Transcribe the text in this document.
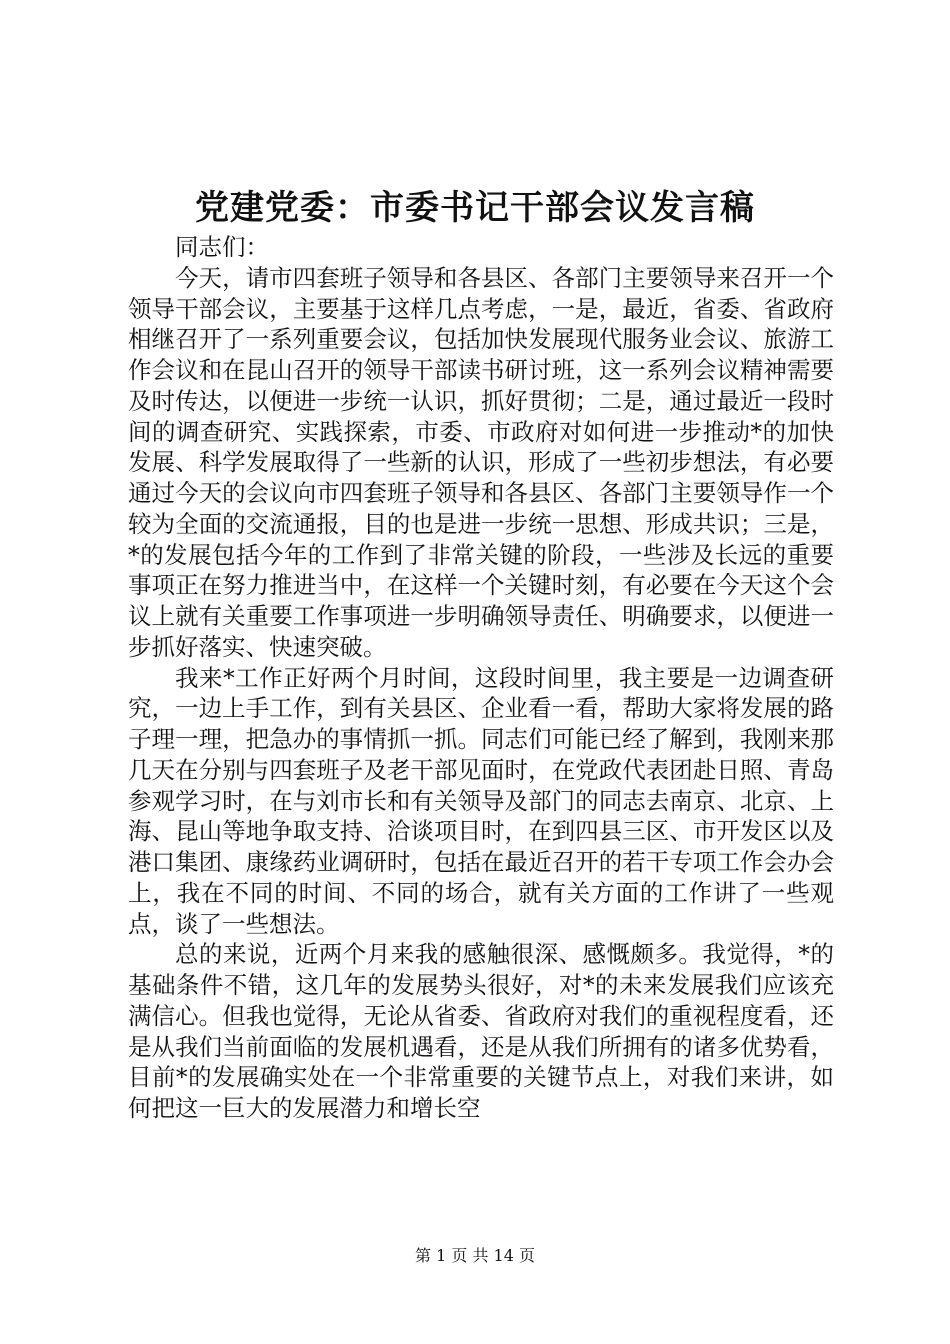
党建党委：市委书记干部会议发言稿

同志们：

今天，请市四套班子领导和各县区、各部门主要领导来召开一个领导干部会议，主要基于这样几点考虑，一是，最近，省委、省政府相继召开了一系列重要会议，包括加快发展现代服务业会议、旅游工作会议和在昆山召开的领导干部读书研讨班，这一系列会议精神需要及时传达，以便进一步统一认识，抓好贯彻；二是，通过最近一段时间的调查研究、实践探索，市委、市政府对如何进一步推动*的加快发展、科学发展取得了一些新的认识，形成了一些初步想法，有必要通过今天的会议向市四套班子领导和各县区、各部门主要领导作一个较为全面的交流通报，目的也是进一步统一思想、形成共识；三是，*的发展包括今年的工作到了非常关键的阶段，一些涉及长远的重要事项正在努力推进当中，在这样一个关键时刻，有必要在今天这个会议上就有关重要工作事项进一步明确领导责任、明确要求，以便进一步抓好落实、快速突破。

我来*工作正好两个月时间，这段时间里，我主要是一边调查研究，一边上手工作，到有关县区、企业看一看，帮助大家将发展的路子理一理，把急办的事情抓一抓。同志们可能已经了解到，我刚来那几天在分别与四套班子及老干部见面时，在党政代表团赴日照、青岛参观学习时，在与刘市长和有关领导及部门的同志去南京、北京、上海、昆山等地争取支持、洽谈项目时，在到四县三区、市开发区以及港口集团、康缘药业调研时，包括在最近召开的若干专项工作会办会上，我在不同的时间、不同的场合，就有关方面的工作讲了一些观点，谈了一些想法。

总的来说，近两个月来我的感触很深、感慨颇多。我觉得，*的基础条件不错，这几年的发展势头很好，对*的未来发展我们应该充满信心。但我也觉得，无论从省委、省政府对我们的重视程度看，还是从我们当前面临的发展机遇看，还是从我们所拥有的诸多优势看，目前*的发展确实处在一个非常重要的关键节点上，对我们来讲，如何把这一巨大的发展潜力和增长空

第 1 页 共 14 页
